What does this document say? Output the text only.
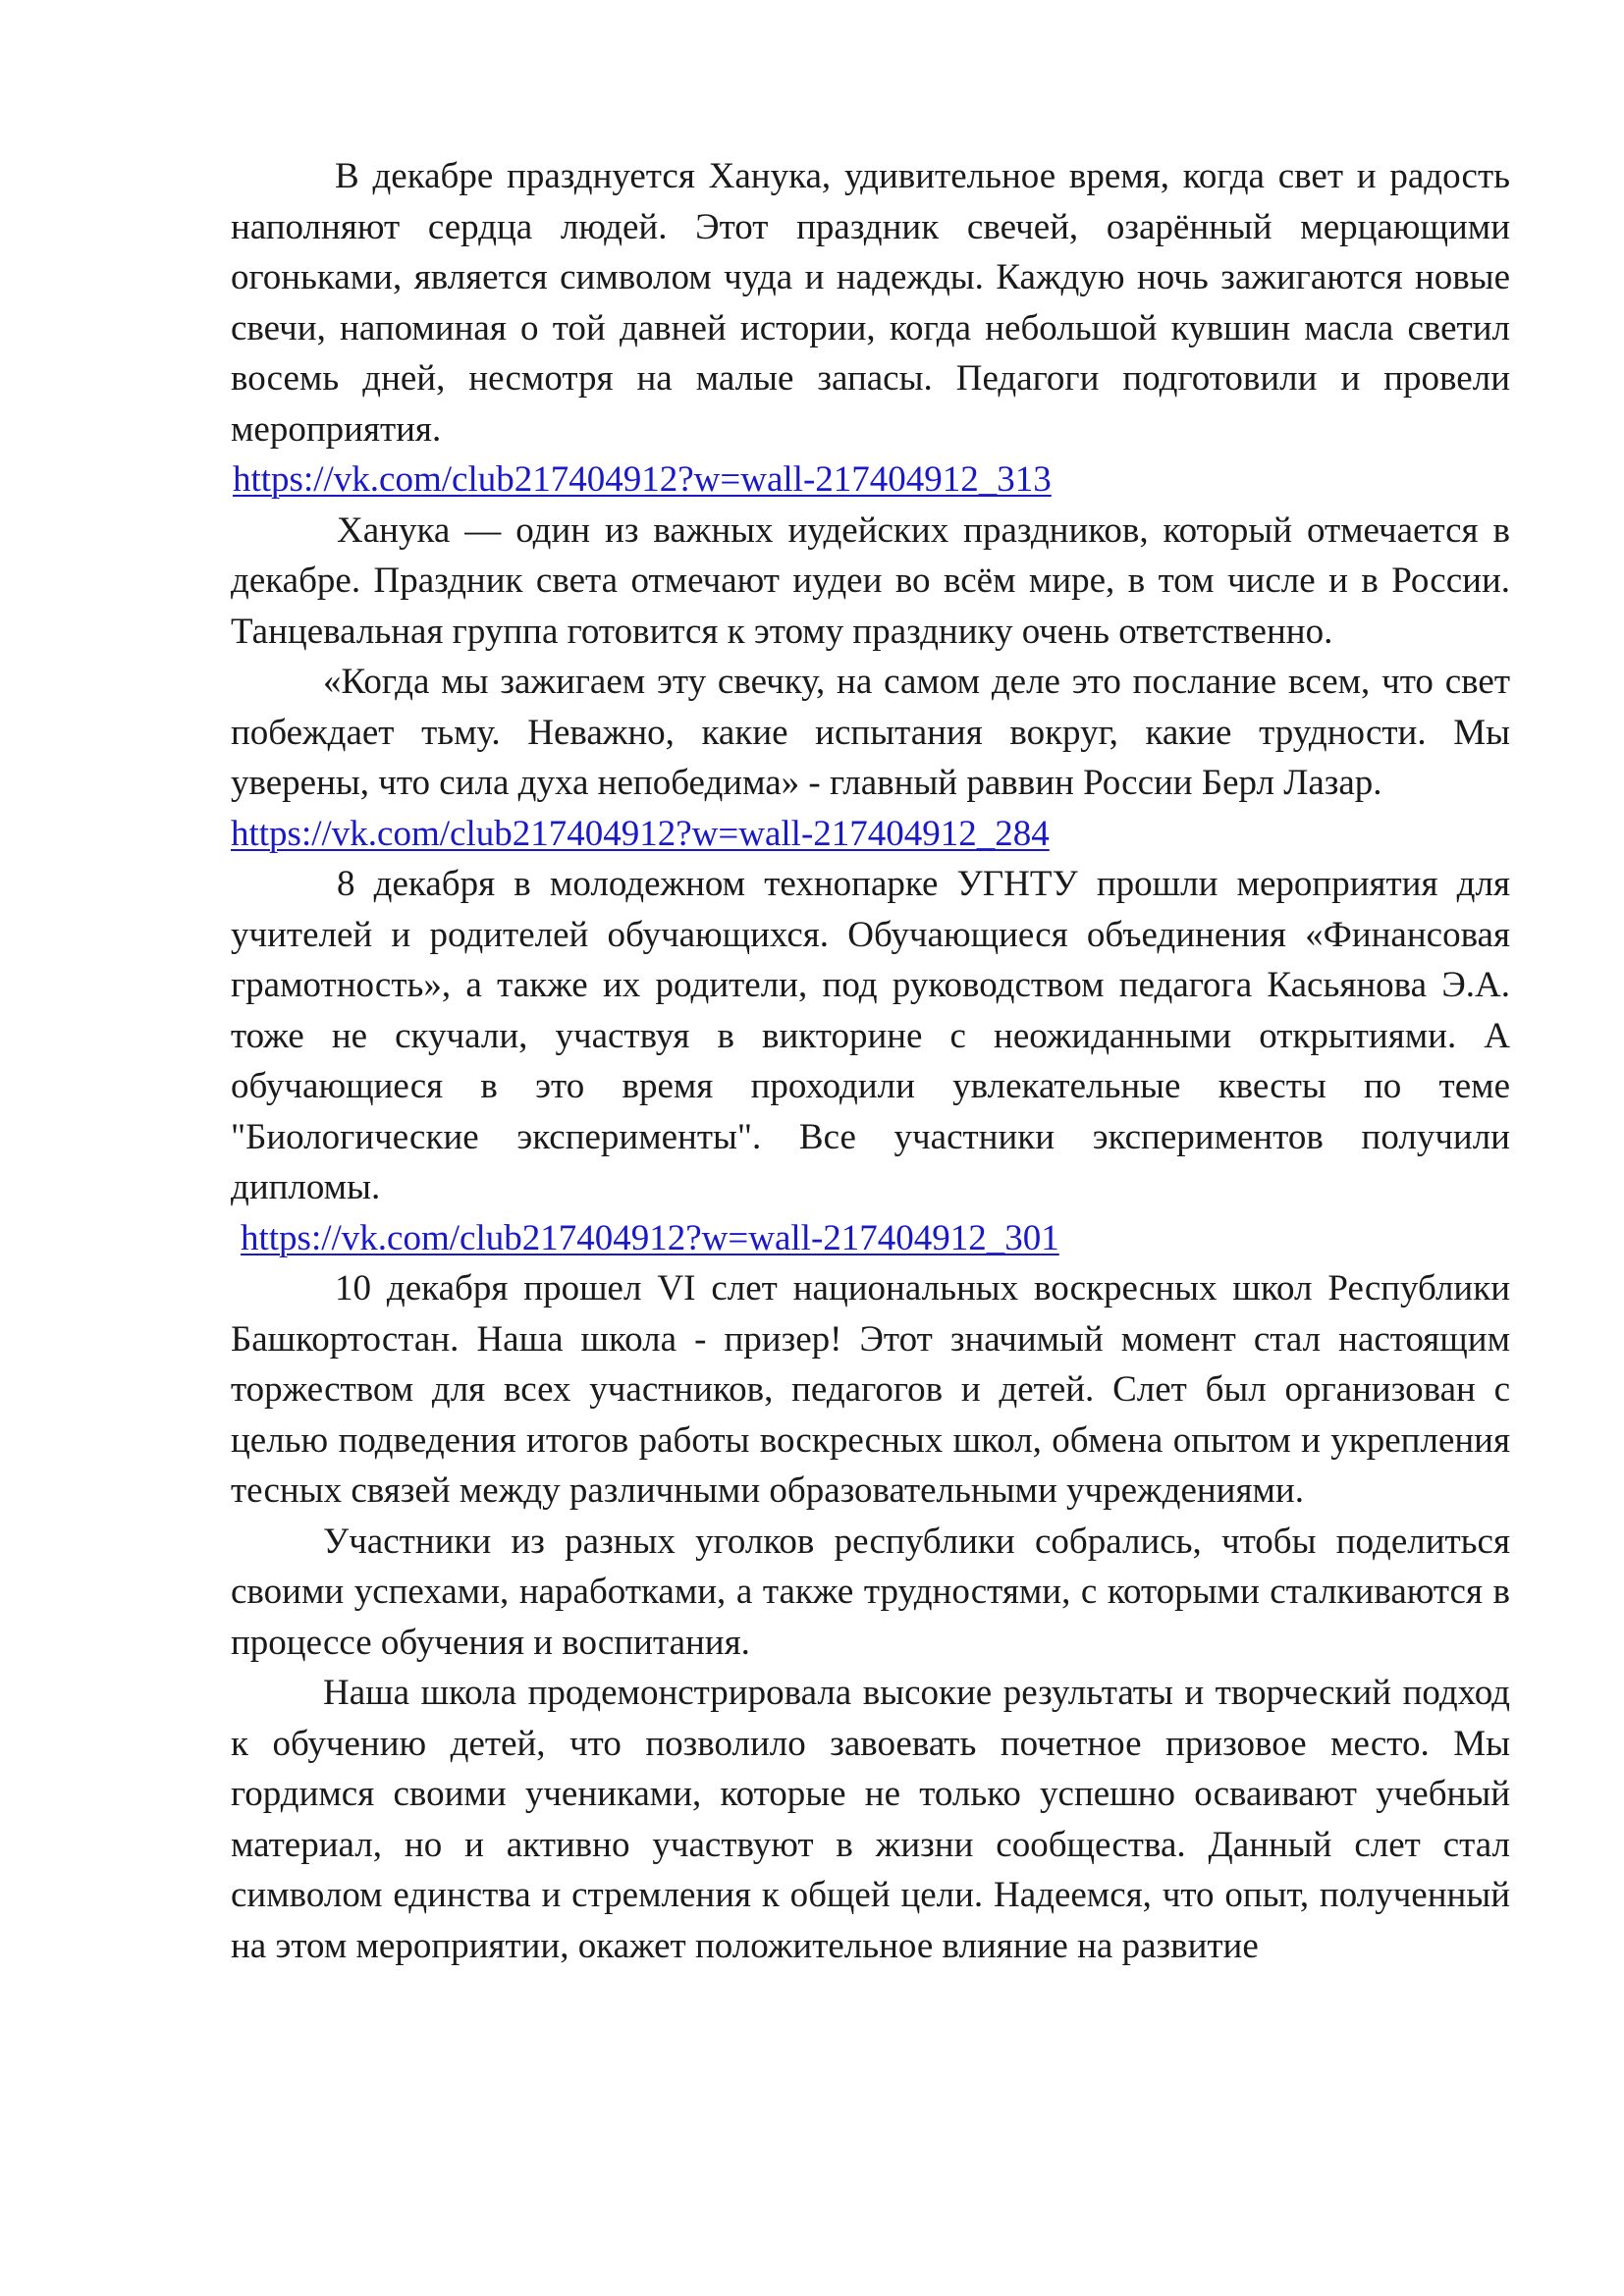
В декабре празднуется Ханука, удивительное время, когда свет и радость наполняют сердца людей. Этот праздник свечей, озарённый мерцающими огоньками, является символом чуда и надежды. Каждую ночь зажигаются новые свечи, напоминая о той давней истории, когда небольшой кувшин масла светил восемь дней, несмотря на малые запасы. Педагоги подготовили и провели мероприятия.

https://vk.com/club217404912?w=wall-217404912_313

Ханука — один из важных иудейских праздников, который отмечается в декабре. Праздник света отмечают иудеи во всём мире, в том числе и в России. Танцевальная группа готовится к этому празднику очень ответственно.

«Когда мы зажигаем эту свечку, на самом деле это послание всем, что свет побеждает тьму. Неважно, какие испытания вокруг, какие трудности. Мы уверены, что сила духа непобедима» - главный раввин России Берл Лазар.

https://vk.com/club217404912?w=wall-217404912_284

8 декабря в молодежном технопарке УГНТУ прошли мероприятия для учителей и родителей обучающихся. Обучающиеся объединения «Финансовая грамотность», а также их родители, под руководством педагога Касьянова Э.А. тоже не скучали, участвуя в викторине с неожиданными открытиями. А обучающиеся в это время проходили увлекательные квесты по теме "Биологические эксперименты". Все участники экспериментов получили дипломы.

https://vk.com/club217404912?w=wall-217404912_301

10 декабря прошел VI слет национальных воскресных школ Республики Башкортостан. Наша школа - призер! Этот значимый момент стал настоящим торжеством для всех участников, педагогов и детей. Слет был организован с целью подведения итогов работы воскресных школ, обмена опытом и укрепления тесных связей между различными образовательными учреждениями.

Участники из разных уголков республики собрались, чтобы поделиться своими успехами, наработками, а также трудностями, с которыми сталкиваются в процессе обучения и воспитания.

Наша школа продемонстрировала высокие результаты и творческий подход к обучению детей, что позволило завоевать почетное призовое место. Мы гордимся своими учениками, которые не только успешно осваивают учебный материал, но и активно участвуют в жизни сообщества. Данный слет стал символом единства и стремления к общей цели. Надеемся, что опыт, полученный на этом мероприятии, окажет положительное влияние на развитие
